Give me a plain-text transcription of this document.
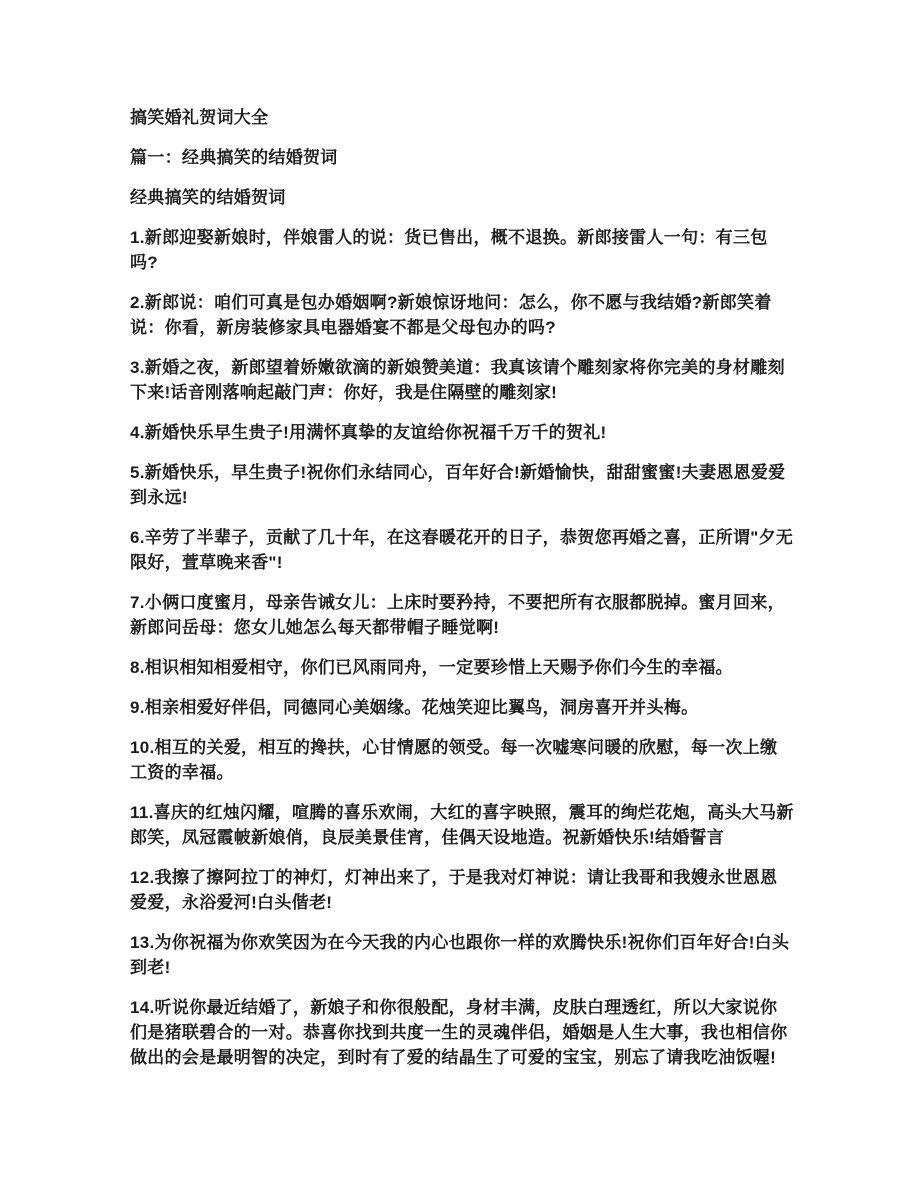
搞笑婚礼贺词大全

篇一：经典搞笑的结婚贺词

经典搞笑的结婚贺词

1.新郎迎娶新娘时，伴娘雷人的说：货已售出，概不退换。新郎接雷人一句：有三包吗?

2.新郎说：咱们可真是包办婚姻啊?新娘惊讶地问：怎么，你不愿与我结婚?新郎笑着说：你看，新房装修家具电器婚宴不都是父母包办的吗?

3.新婚之夜，新郎望着娇嫩欲滴的新娘赞美道：我真该请个雕刻家将你完美的身材雕刻下来!话音刚落响起敲门声：你好，我是住隔壁的雕刻家!

4.新婚快乐早生贵子!用满怀真挚的友谊给你祝福千万千的贺礼!

5.新婚快乐，早生贵子!祝你们永结同心，百年好合!新婚愉快，甜甜蜜蜜!夫妻恩恩爱爱到永远!

6.辛劳了半辈子，贡献了几十年，在这春暖花开的日子，恭贺您再婚之喜，正所谓"夕无限好，萱草晚来香"!

7.小俩口度蜜月，母亲告诫女儿：上床时要矜持，不要把所有衣服都脱掉。蜜月回来，新郎问岳母：您女儿她怎么每天都带帽子睡觉啊!

8.相识相知相爱相守，你们已风雨同舟，一定要珍惜上天赐予你们今生的幸福。

9.相亲相爱好伴侣，同德同心美姻缘。花烛笑迎比翼鸟，洞房喜开并头梅。

10.相互的关爱，相互的搀扶，心甘情愿的领受。每一次嘘寒问暖的欣慰，每一次上缴工资的幸福。

11.喜庆的红烛闪耀，喧腾的喜乐欢闹，大红的喜字映照，震耳的绚烂花炮，高头大马新郎笑，凤冠霞帔新娘俏，良辰美景佳宵，佳偶天设地造。祝新婚快乐!结婚誓言

12.我擦了擦阿拉丁的神灯，灯神出来了，于是我对灯神说：请让我哥和我嫂永世恩恩爱爱，永浴爱河!白头偕老!

13.为你祝福为你欢笑因为在今天我的内心也跟你一样的欢腾快乐!祝你们百年好合!白头到老!

14.听说你最近结婚了，新娘子和你很般配，身材丰满，皮肤白理透红，所以大家说你们是猪联碧合的一对。恭喜你找到共度一生的灵魂伴侣，婚姻是人生大事，我也相信你做出的会是最明智的决定，到时有了爱的结晶生了可爱的宝宝，别忘了请我吃油饭喔!
